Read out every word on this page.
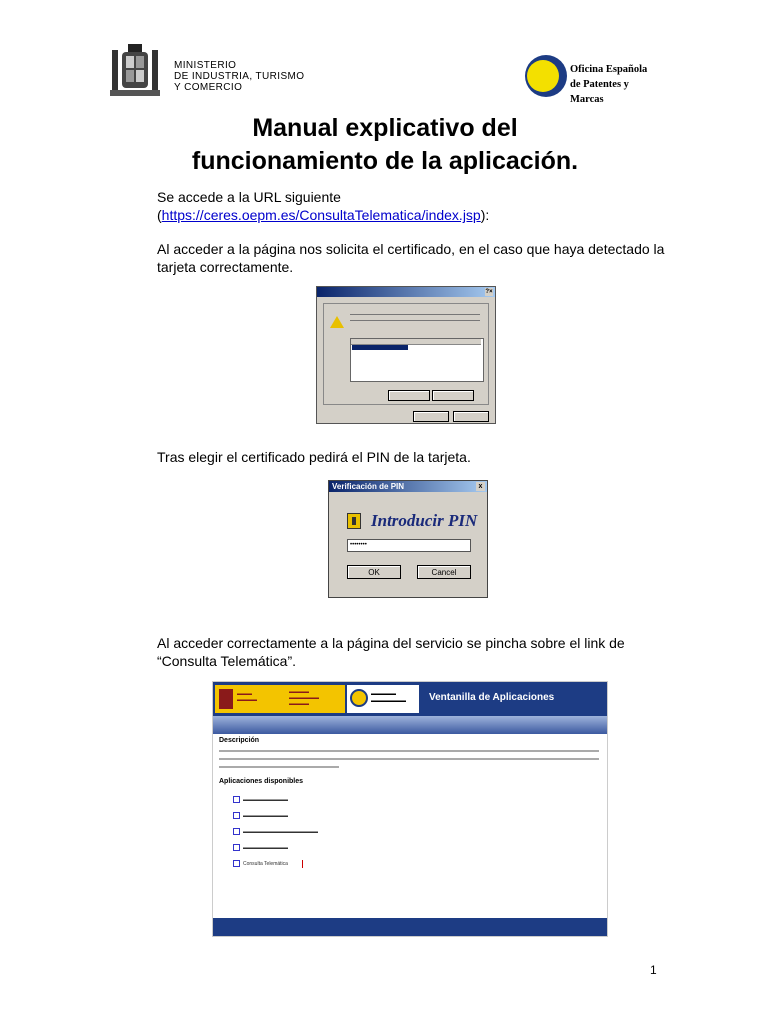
MINISTERIO
DE INDUSTRIA, TURISMO
Y COMERCIO
Oficina Española
de Patentes y Marcas
Manual explicativo del
funcionamiento de la aplicación.
Se accede a la URL siguiente
(https://ceres.oepm.es/ConsultaTelematica/index.jsp):
Al acceder a la página nos solicita el certificado, en el caso que haya detectado la tarjeta correctamente.
?×
Tras elegir el certificado pedirá el PIN de la tarjeta.
Verificación de PIN	x
Introducir PIN
••••••••
OK	Cancel
Al acceder correctamente a la página del servicio se pincha sobre el link de “Consulta Telemática”.
▬▬▬
▬▬▬▬
▬▬▬▬
▬▬▬▬▬▬
▬▬▬▬
▬▬▬▬▬
▬▬▬▬▬▬▬ Ventanilla de Aplicaciones
Descripción
Aplicaciones disponibles
▬▬▬▬▬▬▬▬▬
▬▬▬▬▬▬▬▬▬
▬▬▬▬▬▬▬▬▬▬▬▬▬▬▬
▬▬▬▬▬▬▬▬▬
Consulta Telemática
1
